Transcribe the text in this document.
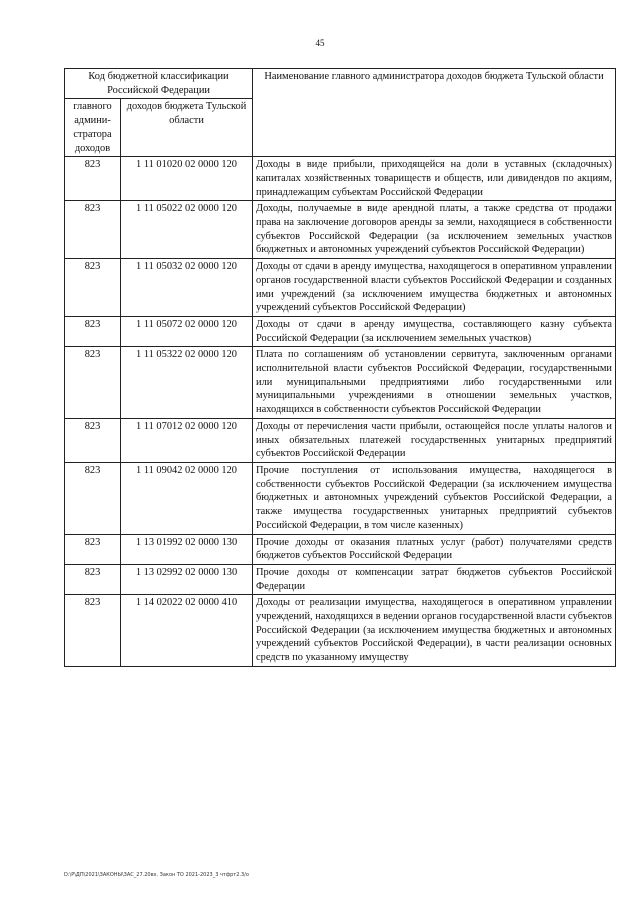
45
Код бюджетной классификации Российской Федерации		Наименование главного администратора доходов бюджета Тульской области
главного админи-стратора доходов	доходов бюджета Тульской области	
823	1 11 01020 02 0000 120	Доходы в виде прибыли, приходящейся на доли в уставных (складочных) капиталах хозяйственных товариществ и обществ, или дивидендов по акциям, принадлежащим субъектам Российской Федерации
823	1 11 05022 02 0000 120	Доходы, получаемые в виде арендной платы, а также средства от продажи права на заключение договоров аренды за земли, находящиеся в собственности субъектов Российской Федерации (за исключением земельных участков бюджетных и автономных учреждений субъектов Российской Федерации)
823	1 11 05032 02 0000 120	Доходы от сдачи в аренду имущества, находящегося в оперативном управлении органов государственной власти субъектов Российской Федерации и созданных ими учреждений (за исключением имущества бюджетных и автономных учреждений субъектов Российской Федерации)
823	1 11 05072 02 0000 120	Доходы от сдачи в аренду имущества, составляющего казну субъекта Российской Федерации (за исключением земельных участков)
823	1 11 05322 02 0000 120	Плата по соглашениям об установлении сервитута, заключенным органами исполнительной власти субъектов Российской Федерации, государственными или муниципальными предприятиями либо государственными или муниципальными учреждениями в отношении земельных участков, находящихся в собственности субъектов Российской Федерации
823	1 11 07012 02 0000 120	Доходы от перечисления части прибыли, остающейся после уплаты налогов и иных обязательных платежей государственных унитарных предприятий субъектов Российской Федерации
823	1 11 09042 02 0000 120	Прочие поступления от использования имущества, находящегося в собственности субъектов Российской Федерации (за исключением имущества бюджетных и автономных учреждений субъектов Российской Федерации, а также имущества государственных унитарных предприятий субъектов Российской Федерации, в том числе казенных)
823	1 13 01992 02 0000 130	Прочие доходы от оказания платных услуг (работ) получателями средств бюджетов субъектов Российской Федерации
823	1 13 02992 02 0000 130	Прочие доходы от компенсации затрат бюджетов субъектов Российской Федерации
823	1 14 02022 02 0000 410	Доходы от реализации имущества, находящегося в оперативном управлении учреждений, находящихся в ведении органов государственной власти субъектов Российской Федерации (за исключением имущества бюджетных и автономных учреждений субъектов Российской Федерации), в части реализации основных средств по указанному имуществу
D:\Р\ДП\2021\ЗАКОНЫ\ЗАС_27.20вх. Закон ТО 2021-2023_3 чтфрт2.3/о
